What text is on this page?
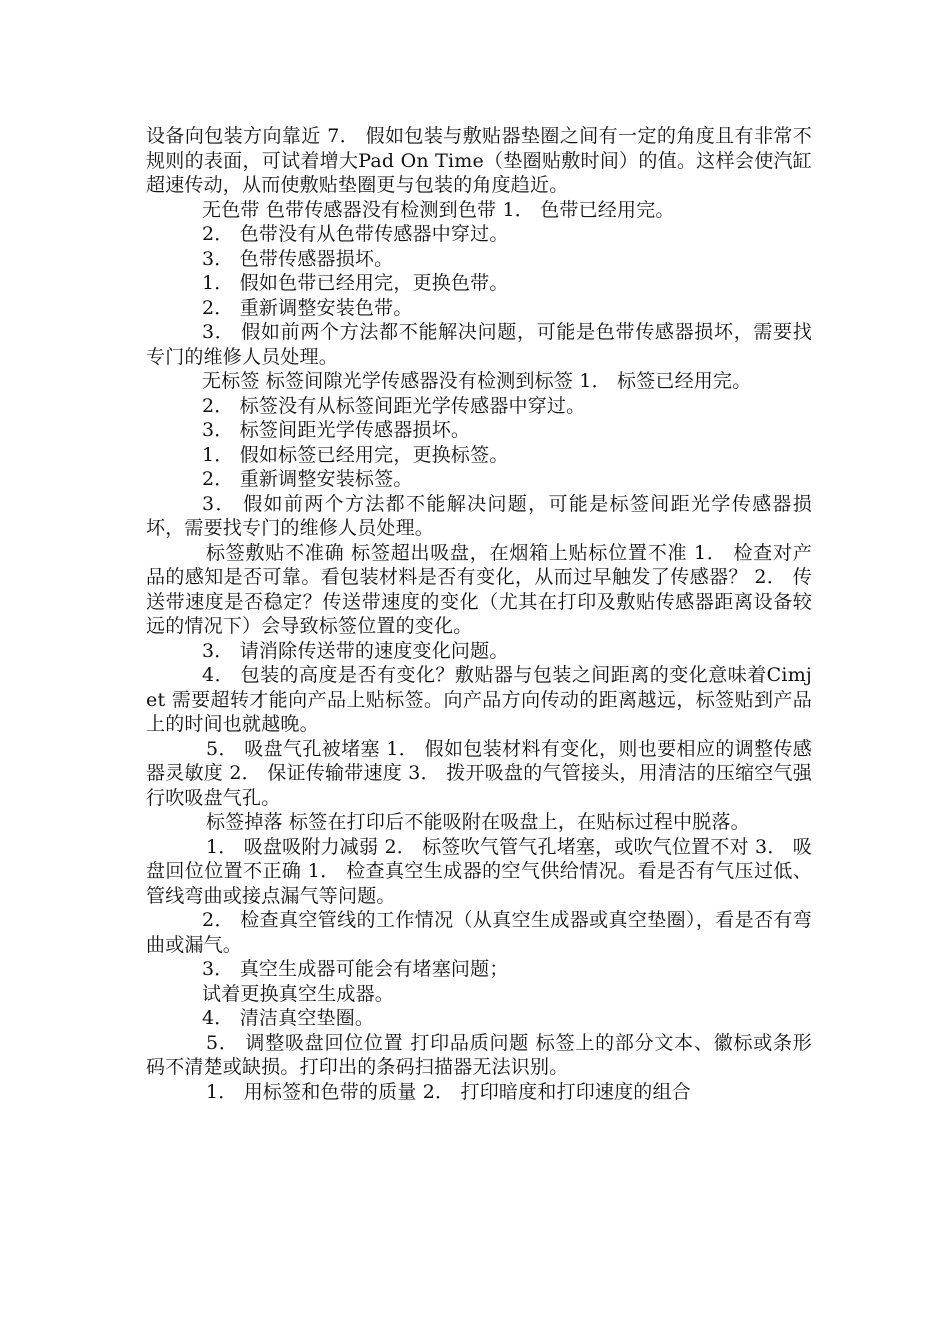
设备向包装方向靠近 7． 假如包装与敷贴器垫圈之间有一定的角度且有非常不规则的表面，可试着增大Pad On Time（垫圈贴敷时间）的值。这样会使汽缸超速传动，从而使敷贴垫圈更与包装的角度趋近。

无色带 色带传感器没有检测到色带 1． 色带已经用完。

2． 色带没有从色带传感器中穿过。

3． 色带传感器损坏。

1． 假如色带已经用完，更换色带。

2． 重新调整安装色带。

3． 假如前两个方法都不能解决问题，可能是色带传感器损坏，需要找专门的维修人员处理。

无标签 标签间隙光学传感器没有检测到标签 1． 标签已经用完。

2． 标签没有从标签间距光学传感器中穿过。

3． 标签间距光学传感器损坏。

1． 假如标签已经用完，更换标签。

2． 重新调整安装标签。

3． 假如前两个方法都不能解决问题，可能是标签间距光学传感器损坏，需要找专门的维修人员处理。

标签敷贴不准确 标签超出吸盘，在烟箱上贴标位置不准 1． 检查对产品的感知是否可靠。看包装材料是否有变化，从而过早触发了传感器？ 2． 传送带速度是否稳定？传送带速度的变化（尤其在打印及敷贴传感器距离设备较远的情况下）会导致标签位置的变化。

3． 请消除传送带的速度变化问题。

4． 包装的高度是否有变化？敷贴器与包装之间距离的变化意味着Cimjet 需要超转才能向产品上贴标签。向产品方向传动的距离越远，标签贴到产品上的时间也就越晚。

5． 吸盘气孔被堵塞 1． 假如包装材料有变化，则也要相应的调整传感器灵敏度 2． 保证传输带速度 3． 拨开吸盘的气管接头，用清洁的压缩空气强行吹吸盘气孔。

标签掉落 标签在打印后不能吸附在吸盘上，在贴标过程中脱落。

1． 吸盘吸附力减弱 2． 标签吹气管气孔堵塞，或吹气位置不对 3． 吸盘回位位置不正确 1． 检查真空生成器的空气供给情况。看是否有气压过低、管线弯曲或接点漏气等问题。

2． 检查真空管线的工作情况（从真空生成器或真空垫圈），看是否有弯曲或漏气。

3． 真空生成器可能会有堵塞问题；

试着更换真空生成器。

4． 清洁真空垫圈。

5． 调整吸盘回位位置 打印品质问题 标签上的部分文本、徽标或条形码不清楚或缺损。打印出的条码扫描器无法识别。

1． 用标签和色带的质量 2． 打印暗度和打印速度的组合
